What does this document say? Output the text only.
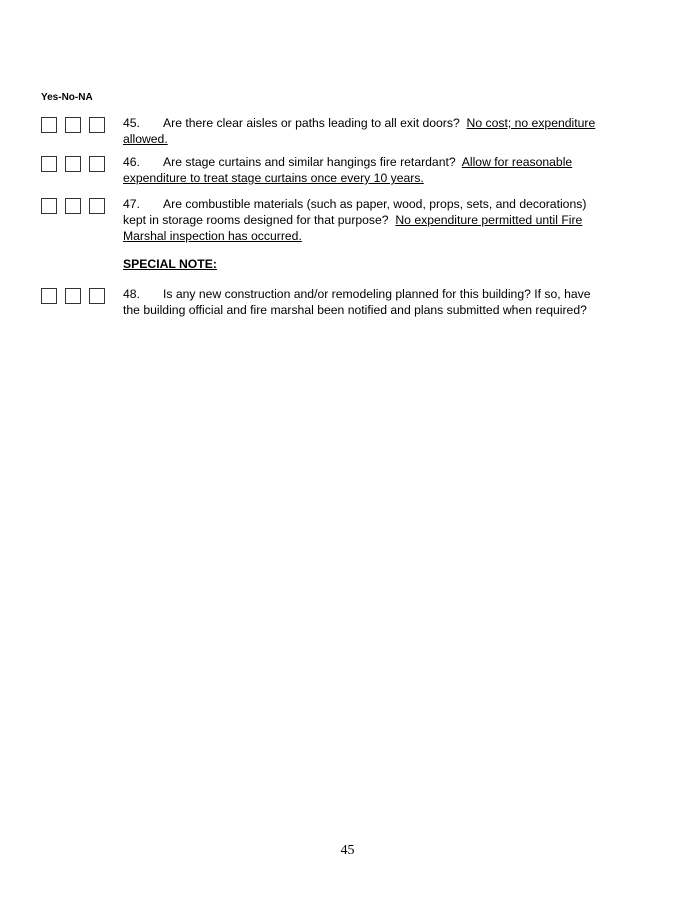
Yes-No-NA
45. Are there clear aisles or paths leading to all exit doors? No cost; no expenditure allowed.
46. Are stage curtains and similar hangings fire retardant? Allow for reasonable expenditure to treat stage curtains once every 10 years.
47. Are combustible materials (such as paper, wood, props, sets, and decorations) kept in storage rooms designed for that purpose? No expenditure permitted until Fire Marshal inspection has occurred.
SPECIAL NOTE:
48. Is any new construction and/or remodeling planned for this building? If so, have the building official and fire marshal been notified and plans submitted when required?
45
